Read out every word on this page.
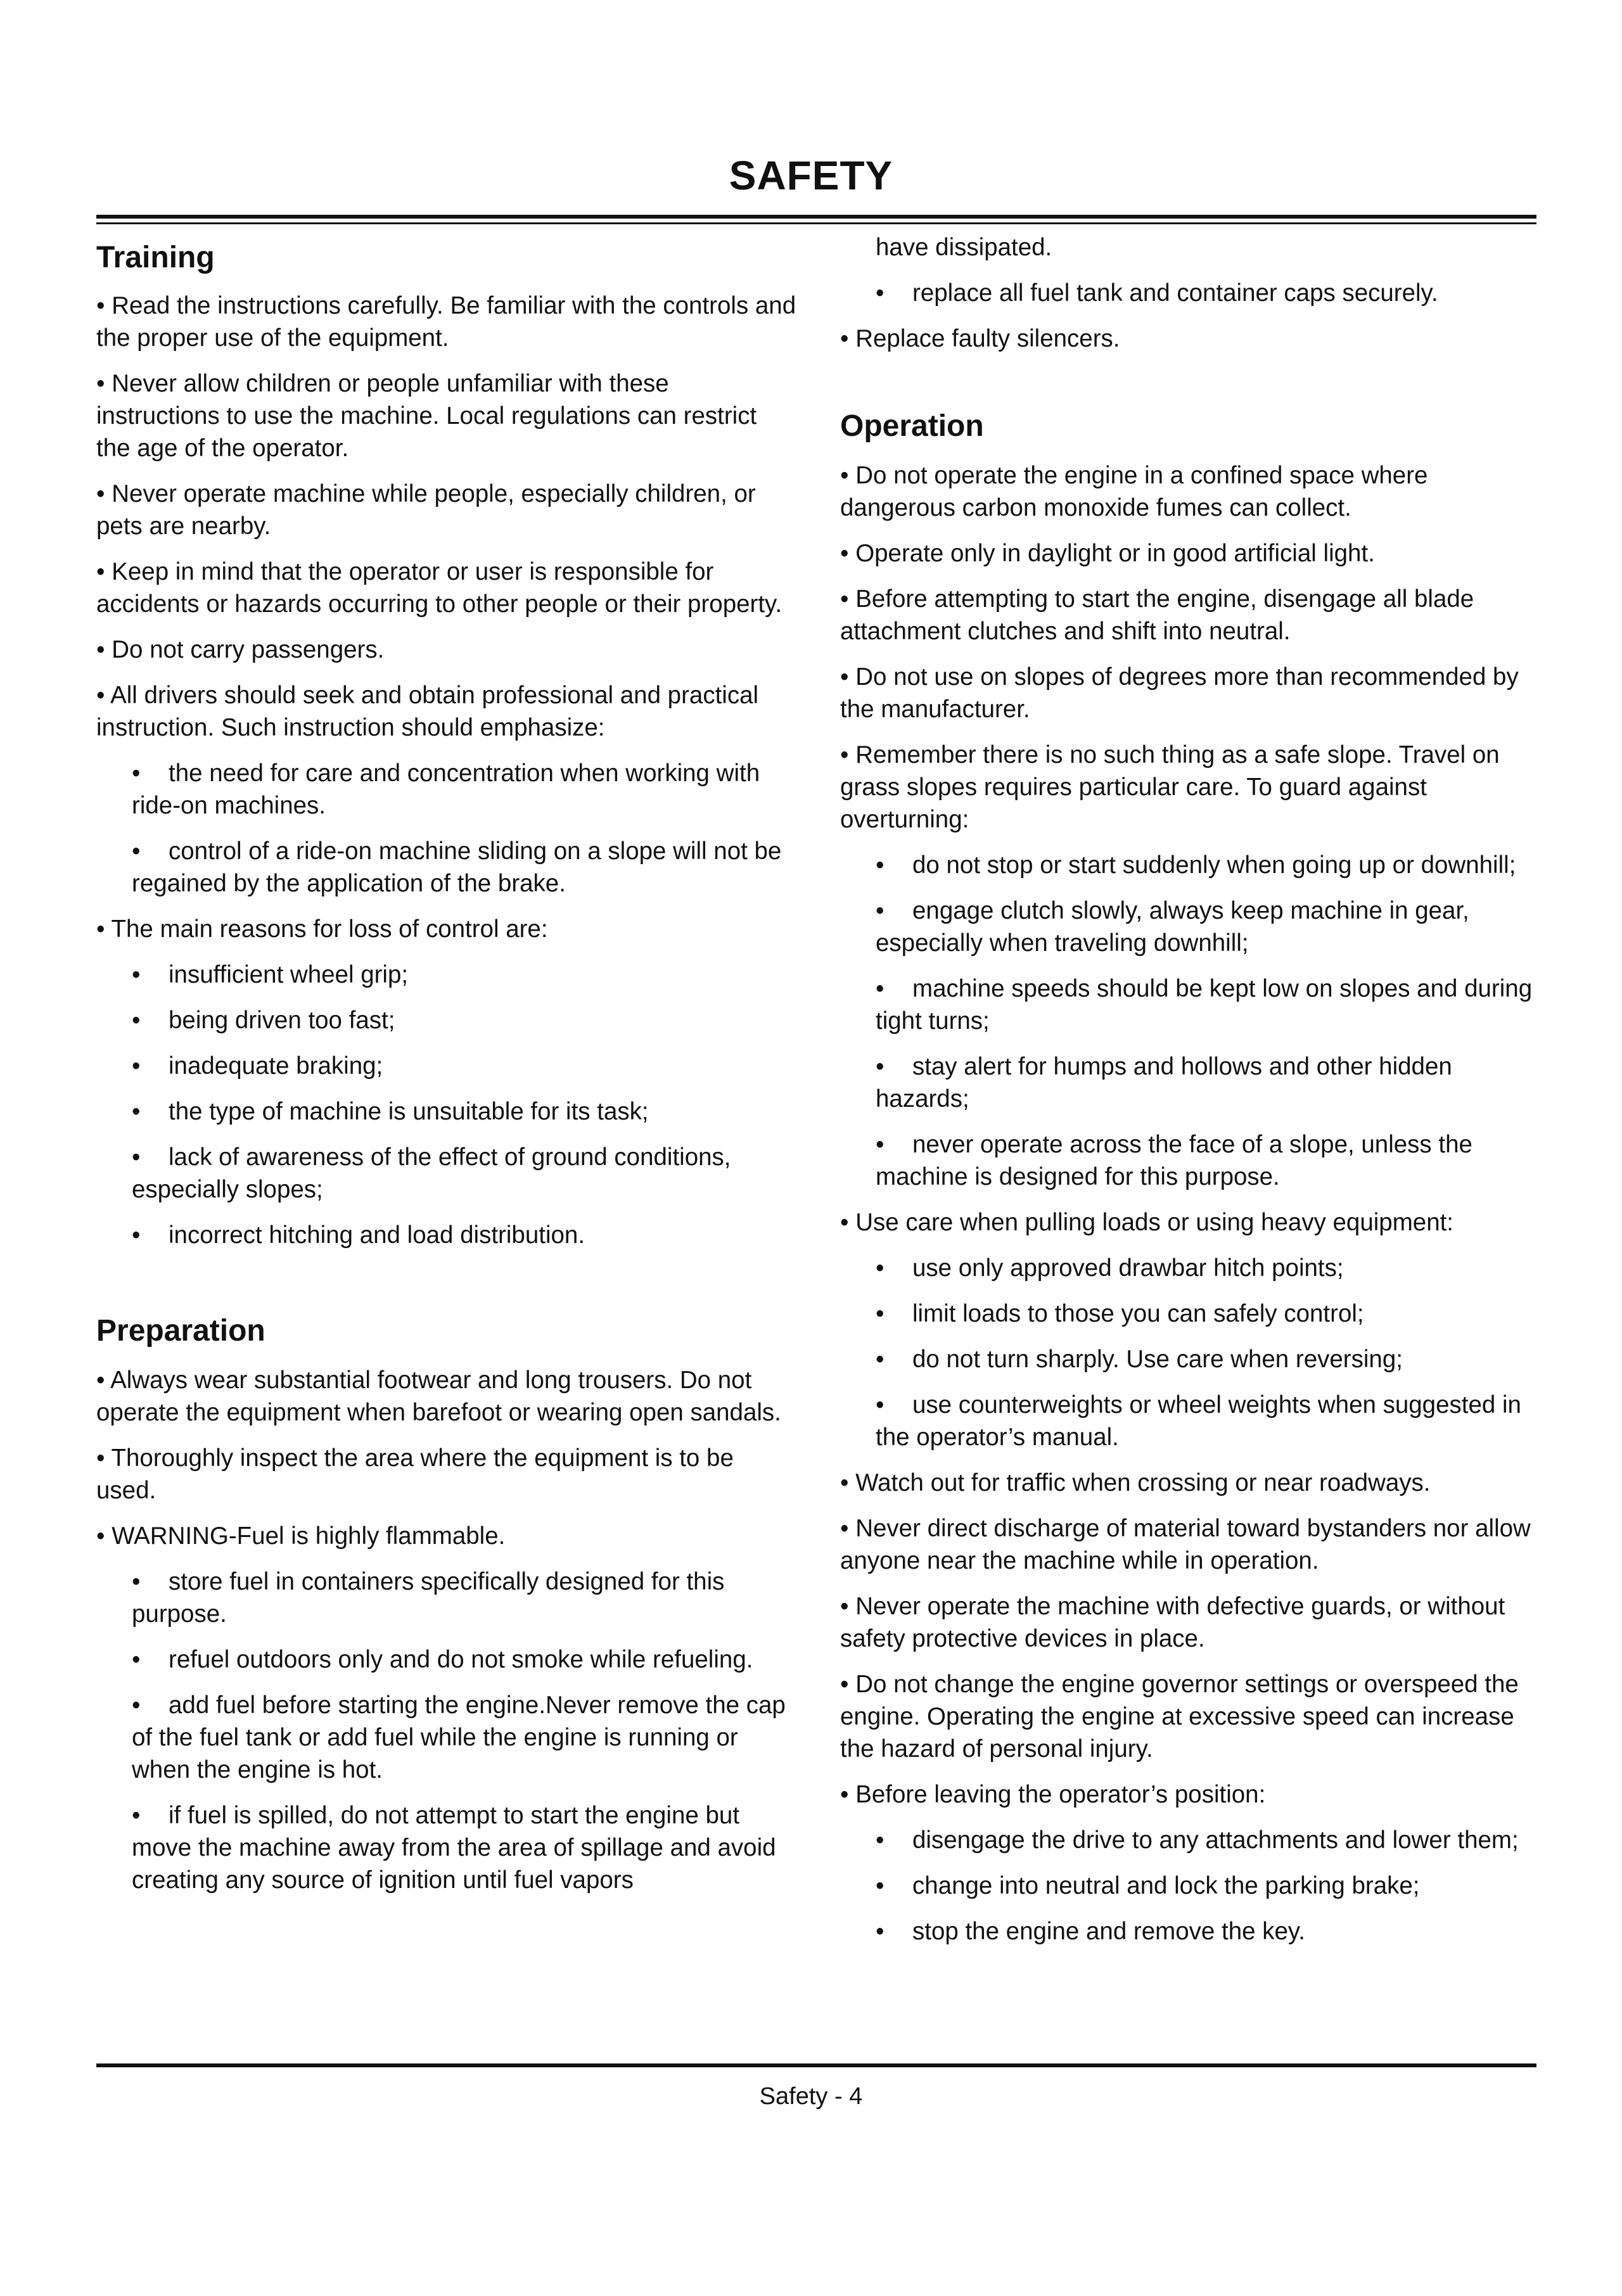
SAFETY
Training
• Read the instructions carefully. Be familiar with the controls and the proper use of the equipment.
• Never allow children or people unfamiliar with these instructions to use the machine. Local regulations can restrict the age of the operator.
• Never operate machine while people, especially children, or pets are nearby.
• Keep in mind that the operator or user is responsible for accidents or hazards occurring to other people or their property.
• Do not carry passengers.
• All drivers should seek and obtain professional and practical instruction. Such instruction should emphasize:
• the need for care and concentration when working with ride-on machines.
• control of a ride-on machine sliding on a slope will not be regained by the application of the brake.
• The main reasons for loss of control are:
• insufficient wheel grip;
• being driven too fast;
• inadequate braking;
• the type of machine is unsuitable for its task;
• lack of awareness of the effect of ground conditions, especially slopes;
• incorrect hitching and load distribution.
Preparation
• Always wear substantial footwear and long trousers. Do not operate the equipment when barefoot or wearing open sandals.
• Thoroughly inspect the area where the equipment is to be used.
• WARNING-Fuel is highly flammable.
• store fuel in containers specifically designed for this purpose.
• refuel outdoors only and do not smoke while refueling.
• add fuel before starting the engine.Never remove the cap of the fuel tank or add fuel while the engine is running or when the engine is hot.
• if fuel is spilled, do not attempt to start the engine but move the machine away from the area of spillage and avoid creating any source of ignition until fuel vapors
have dissipated.
• replace all fuel tank and container caps securely.
• Replace faulty silencers.
Operation
• Do not operate the engine in a confined space where dangerous carbon monoxide fumes can collect.
• Operate only in daylight or in good artificial light.
• Before attempting to start the engine, disengage all blade attachment clutches and shift into neutral.
• Do not use on slopes of degrees more than recommended by the manufacturer.
• Remember there is no such thing as a safe slope. Travel on grass slopes requires particular care. To guard against overturning:
• do not stop or start suddenly when going up or downhill;
• engage clutch slowly, always keep machine in gear, especially when traveling downhill;
• machine speeds should be kept low on slopes and during tight turns;
• stay alert for humps and hollows and other hidden hazards;
• never operate across the face of a slope, unless the machine is designed for this purpose.
• Use care when pulling loads or using heavy equipment:
• use only approved drawbar hitch points;
• limit loads to those you can safely control;
• do not turn sharply. Use care when reversing;
• use counterweights or wheel weights when suggested in the operator’s manual.
• Watch out for traffic when crossing or near roadways.
• Never direct discharge of material toward bystanders nor allow anyone near the machine while in operation.
• Never operate the machine with defective guards, or without safety protective devices in place.
• Do not change the engine governor settings or overspeed the engine. Operating the engine at excessive speed can increase the hazard of personal injury.
• Before leaving the operator’s position:
• disengage the drive to any attachments and lower them;
• change into neutral and lock the parking brake;
• stop the engine and remove the key.
Safety - 4
